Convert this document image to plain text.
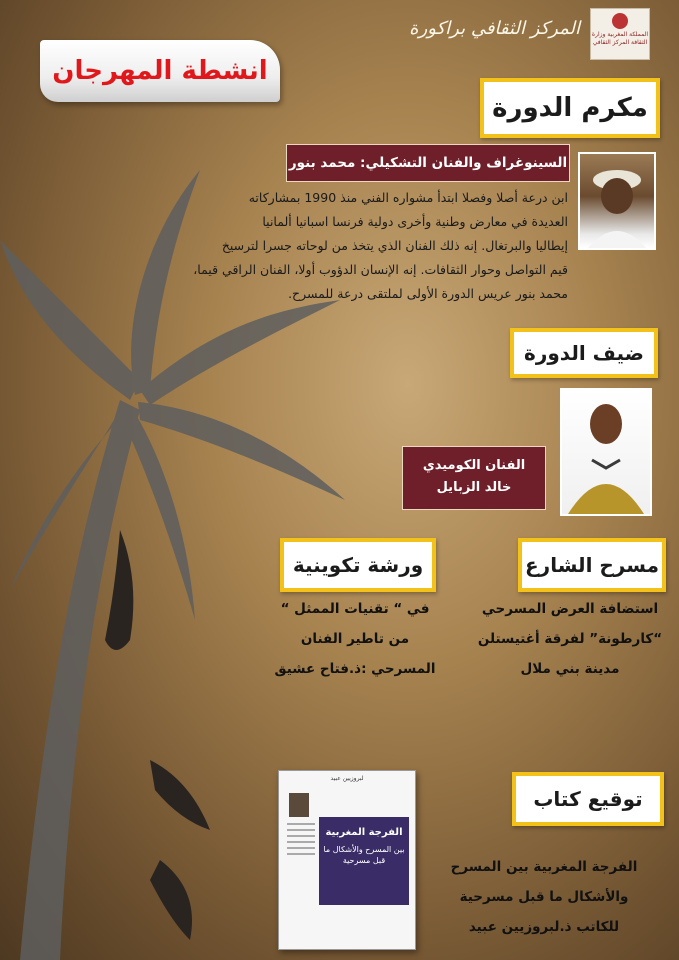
المملكة المغربية وزارة الثقافة المركز الثقافي
المركز الثقافي براكورة
انشطة المهرجان
مكرم الدورة
السينوغراف والفنان التشكيلي: محمد بنور
ابن درعة أصلا وفصلا ابتدأ مشواره الفني منذ 1990 بمشاركاته
العديدة في معارض وطنية وأخرى دولية فرنسا اسبانيا ألمانيا
إيطاليا والبرتغال. إنه ذلك الفنان الذي يتخذ من لوحاته جسرا لترسيخ
قيم التواصل وحوار الثقافات. إنه الإنسان الدؤوب أولا، الفنان الراقي قيما،
محمد بنور عريس الدورة الأولى لملتقى درعة للمسرح.
ضيف الدورة
الفنان الكوميدي
خالد الزبايل
مسرح الشارع
استضافة العرض المسرحي
“كارطونة” لفرقة أغتيستلن
مدينة بني ملال
ورشة تكوينية
في “ تقنيات الممثل “
من تاطير الفنان
المسرحي :ذ.فتاح عشيق
توقيع كتاب
الفرجة المغربية بين المسرح
والأشكال ما قبل مسرحية
للكاتب ذ.لبروزيين عبيد
لبروزيين عبيد
الفرجة المغربية
بين المسرح والأشكال ما قبل مسرحية
